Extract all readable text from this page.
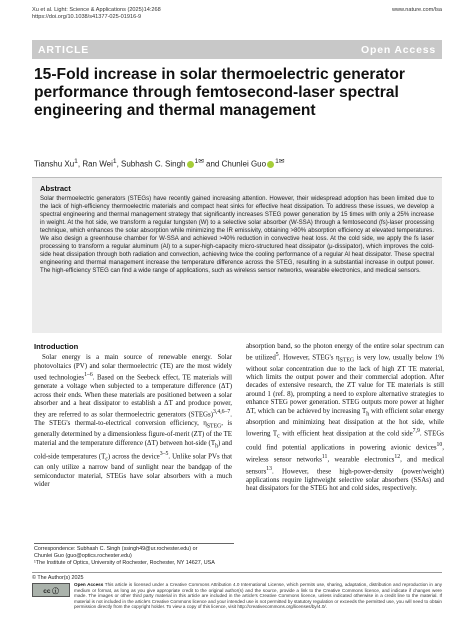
Xu et al. Light: Science & Applications (2025)14:268
https://doi.org/10.1038/s41377-025-01916-9
www.nature.com/lsa
ARTICLE	Open Access
15-Fold increase in solar thermoelectric generator performance through femtosecond-laser spectral engineering and thermal management
Tianshu Xu$^1$, Ran Wei$^1$, Subhash C. Singh $^{1✉}$ and Chunlei Guo $^{1✉}$
Abstract

Solar thermoelectric generators (STEGs) have recently gained increasing attention. However, their widespread adoption has been limited due to the lack of high-efficiency thermoelectric materials and compact heat sinks for effective heat dissipation. To address these issues, we develop a spectral engineering and thermal management strategy that significantly increases STEG power generation by 15 times with only a 25% increase in weight. At the hot side, we transform a regular tungsten (W) to a selective solar absorber (W-SSA) through a femtosecond (fs)-laser processing technique, which enhances the solar absorption while minimizing the IR emissivity, obtaining >80% absorption efficiency at elevated temperatures. We also design a greenhouse chamber for W-SSA and achieved >40% reduction in convective heat loss. At the cold side, we apply the fs laser processing to transform a regular aluminum (Al) to a super-high-capacity micro-structured heat dissipator (μ-dissipator), which improves the cold-side heat dissipation through both radiation and convection, achieving twice the cooling performance of a regular Al heat dissipator. These spectral engineering and thermal management increase the temperature difference across the STEG, resulting in a substantial increase in output power. The high-efficiency STEG can find a wide range of applications, such as wireless sensor networks, wearable electronics, and medical sensors.

Introduction

Solar energy is a main source of renewable energy. Solar photovoltaics (PV) and solar thermoelectric (TE) are the most widely used technologies$^{1-6}$. Based on the Seebeck effect, TE materials will generate a voltage when subjected to a temperature difference (ΔT) across their ends. When these materials are positioned between a solar absorber and a heat dissipator to establish a ΔT and produce power, they are referred to as solar thermoelectric generators (STEGs)$^{3,4,6-7}$. The STEG's thermal-to-electrical conversion efficiency, $\eta_{STEG}$, is generally determined by a dimensionless figure-of-merit (ZT) of the TE material and the temperature difference (ΔT) between hot-side $(T_h)$ and cold-side temperatures $(T_c)$ across the device$^{3-5}$. Unlike solar PVs that can only utilize a narrow band of sunlight near the bandgap of the semiconductor material, STEGs have solar absorbers with a much wider

absorption band, so the photon energy of the entire solar spectrum can be utilized$^5$. However, STEG's $\eta_{STEG}$ is very low, usually below 1% without solar concentration due to the lack of high ZT TE material, which limits the output power and their commercial adoption. After decades of extensive research, the ZT value for TE materials is still around 1 (ref. 8), prompting a need to explore alternative strategies to enhance STEG power generation. STEG outputs more power at higher ΔT, which can be achieved by increasing $T_h$ with efficient solar energy absorption and minimizing heat dissipation at the hot side, while lowering $T_c$ with efficient heat dissipation at the cold side$^{7,9}$. STEGs could find potential applications in powering avionic devices$^{10}$, wireless sensor networks$^{11}$, wearable electronics$^{12}$, and medical sensors$^{13}$. However, these high-power-density (power/weight) applications require lightweight selective solar absorbers (SSAs) and heat dissipators for the STEG hot and cold sides, respectively.

Correspondence: Subhash C. Singh (ssingh49@ur.rochester.edu) or
Chunlei Guo (guo@optics.rochester.edu)
¹The Institute of Optics, University of Rochester, Rochester, NY 14627, USA
© The Author(s) 2025
cc ⓘ

Open Access This article is licensed under a Creative Commons Attribution 4.0 International License, which permits use, sharing, adaptation, distribution and reproduction in any medium or format, as long as you give appropriate credit to the original author(s) and the source, provide a link to the Creative Commons licence, and indicate if changes were made. The images or other third party material in this article are included in the article's Creative Commons licence, unless indicated otherwise in a credit line to the material. If material is not included in the article's Creative Commons licence and your intended use is not permitted by statutory regulation or exceeds the permitted use, you will need to obtain permission directly from the copyright holder. To view a copy of this licence, visit http://creativecommons.org/licenses/by/4.0/.
